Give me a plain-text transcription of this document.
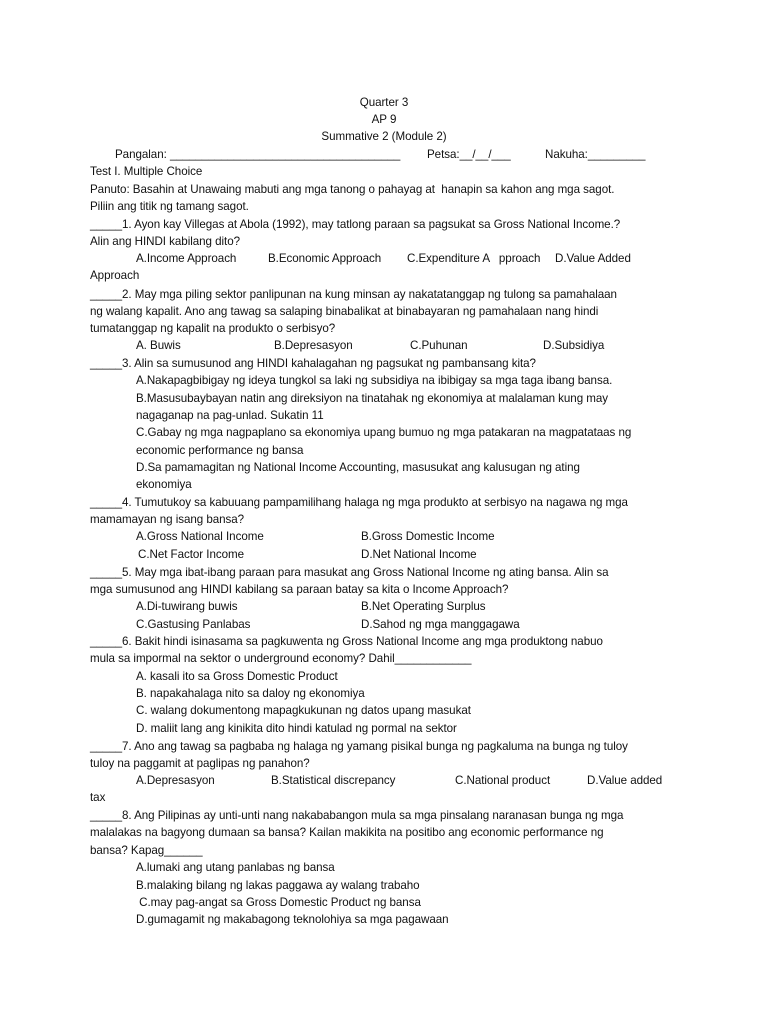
Quarter 3
AP 9
Summative 2 (Module 2)
Pangalan: ____________________________________ Petsa:__/__/___	Nakuha:_________
Test I. Multiple Choice
Panuto: Basahin at Unawaing mabuti ang mga tanong o pahayag at  hanapin sa kahon ang mga sagot.
Piliin ang titik ng tamang sagot.
_____1. Ayon kay Villegas at Abola (1992), may tatlong paraan sa pagsukat sa Gross National Income.?
Alin ang HINDI kabilang dito?
A.Income Approach	B.Economic Approach C.Expenditure A   pproach D.Value Added
Approach
_____2. May mga piling sektor panlipunan na kung minsan ay nakatatanggap ng tulong sa pamahalaan
ng walang kapalit. Ano ang tawag sa salaping binabalikat at binabayaran ng pamahalaan nang hindi
tumatanggap ng kapalit na produkto o serbisyo?
A. Buwis	B.Depresasyon	C.Puhunan	D.Subsidiya
_____3. Alin sa sumusunod ang HINDI kahalagahan ng pagsukat ng pambansang kita?
A.Nakapagbibigay ng ideya tungkol sa laki ng subsidiya na ibibigay sa mga taga ibang bansa.
B.Masusubaybayan natin ang direksiyon na tinatahak ng ekonomiya at malalaman kung may
nagaganap na pag-unlad. Sukatin 11
C.Gabay ng mga nagpaplano sa ekonomiya upang bumuo ng mga patakaran na magpatataas ng
economic performance ng bansa
D.Sa pamamagitan ng National Income Accounting, masusukat ang kalusugan ng ating
ekonomiya
_____4. Tumutukoy sa kabuuang pampamilihang halaga ng mga produkto at serbisyo na nagawa ng mga
mamamayan ng isang bansa?
A.Gross National Income	B.Gross Domestic Income
C.Net Factor Income	D.Net National Income
_____5. May mga ibat-ibang paraan para masukat ang Gross National Income ng ating bansa. Alin sa
mga sumusunod ang HINDI kabilang sa paraan batay sa kita o Income Approach?
A.Di-tuwirang buwis	B.Net Operating Surplus
C.Gastusing Panlabas	D.Sahod ng mga manggagawa
_____6. Bakit hindi isinasama sa pagkuwenta ng Gross National Income ang mga produktong nabuo
mula sa impormal na sektor o underground economy? Dahil____________
A. kasali ito sa Gross Domestic Product
B. napakahalaga nito sa daloy ng ekonomiya
C. walang dokumentong mapagkukunan ng datos upang masukat
D. maliit lang ang kinikita dito hindi katulad ng pormal na sektor
_____7. Ano ang tawag sa pagbaba ng halaga ng yamang pisikal bunga ng pagkaluma na bunga ng tuloy
tuloy na paggamit at paglipas ng panahon?
A.Depresasyon	B.Statistical discrepancy	C.National product	D.Value added
tax
_____8. Ang Pilipinas ay unti-unti nang nakababangon mula sa mga pinsalang naranasan bunga ng mga
malalakas na bagyong dumaan sa bansa? Kailan makikita na positibo ang economic performance ng
bansa? Kapag______
A.lumaki ang utang panlabas ng bansa
B.malaking bilang ng lakas paggawa ay walang trabaho
C.may pag-angat sa Gross Domestic Product ng bansa
D.gumagamit ng makabagong teknolohiya sa mga pagawaan
